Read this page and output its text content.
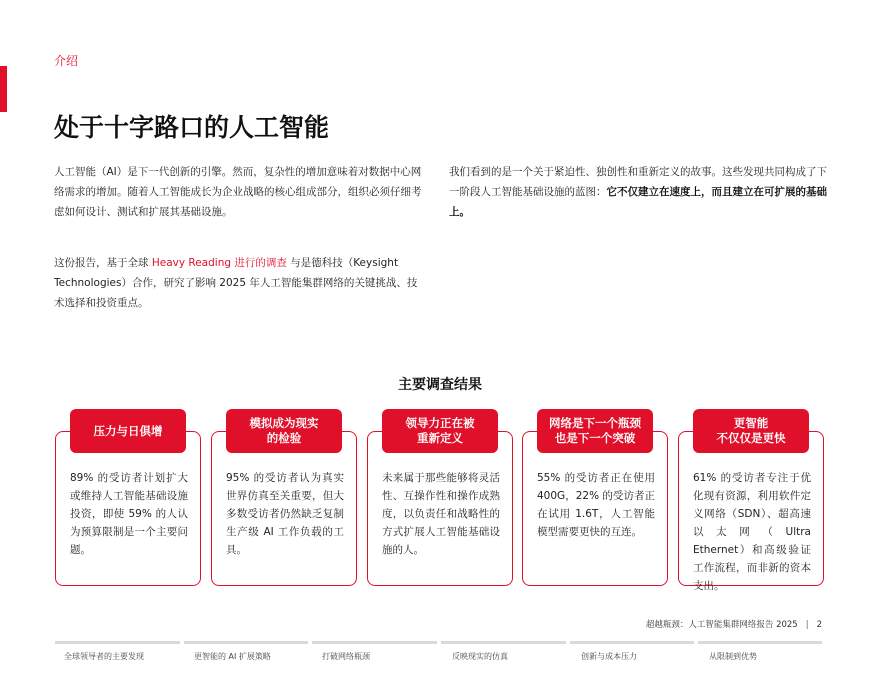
介绍
处于十字路口的人工智能

人工智能（AI）是下一代创新的引擎。然而，复杂性的增加意味着对数据中心网络需求的增加。随着人工智能成长为企业战略的核心组成部分，组织必须仔细考虑如何设计、测试和扩展其基础设施。

这份报告，基于全球 Heavy Reading 进行的调查 与是德科技（Keysight Technologies）合作，研究了影响 2025 年人工智能集群网络的关键挑战、技术选择和投资重点。

我们看到的是一个关于紧迫性、独创性和重新定义的故事。这些发现共同构成了下一阶段人工智能基础设施的蓝图：它不仅建立在速度上，而且建立在可扩展的基础上。

主要调查结果
89% 的受访者计划扩大或维持人工智能基础设施投资，即使 59% 的人认为预算限制是一个主要问题。
压力与日俱增
95% 的受访者认为真实世界仿真至关重要，但大多数受访者仍然缺乏复制生产级 AI 工作负载的工具。
模拟成为现实
的检验
未来属于那些能够将灵活性、互操作性和操作成熟度，以负责任和战略性的方式扩展人工智能基础设施的人。
领导力正在被
重新定义
55% 的受访者正在使用 400G，22% 的受访者正在试用 1.6T，人工智能模型需要更快的互连。
网络是下一个瓶颈
也是下一个突破
61% 的受访者专注于优化现有资源，利用软件定义网络（SDN）、超高速以太网（Ultra Ethernet）和高级验证工作流程，而非新的资本支出。
更智能
不仅仅是更快
超越瓶颈：人工智能集群网络报告 2025 | 2
全球领导者的主要发现	更智能的 AI 扩展策略	打破网络瓶颈	反映现实的仿真	创新与成本压力	从限制到优势
